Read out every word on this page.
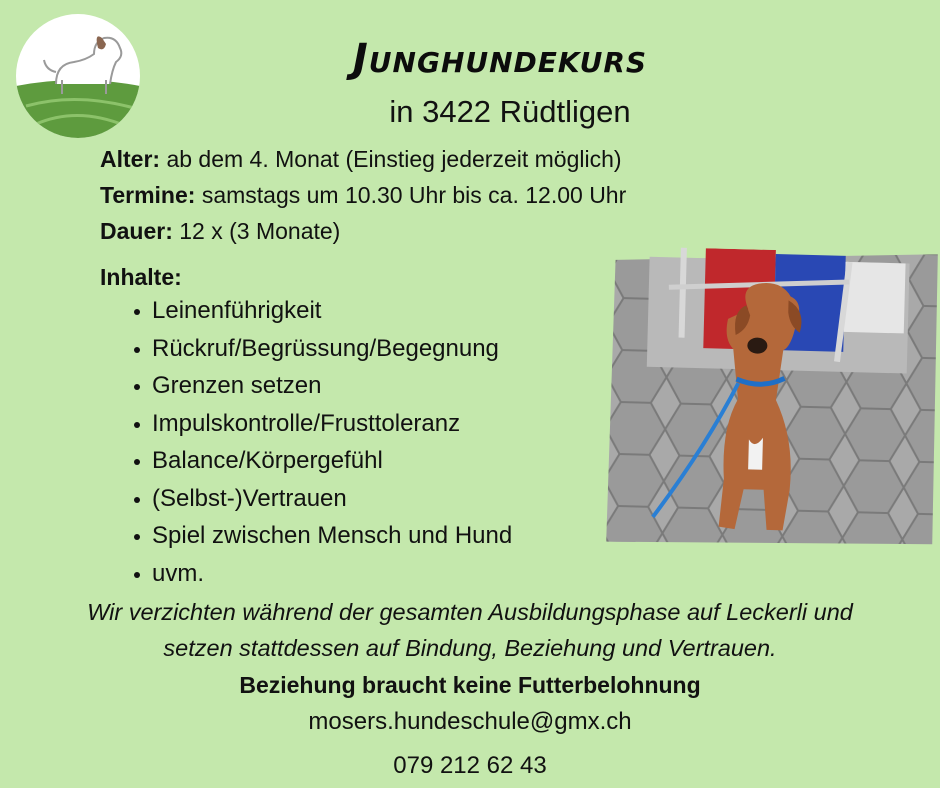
Junghundekurs
in 3422 Rüdtligen
Alter: ab dem 4. Monat (Einstieg jederzeit möglich)
Termine: samstags um 10.30 Uhr bis ca. 12.00 Uhr
Dauer: 12 x (3 Monate)
Inhalte:
Leinenführigkeit
Rückruf/Begrüssung/Begegnung
Grenzen setzen
Impulskontrolle/Frusttoleranz
Balance/Körpergefühl
(Selbst-)Vertrauen
Spiel zwischen Mensch und Hund
uvm.
Wir verzichten während der gesamten Ausbildungsphase auf Leckerli und
setzen stattdessen auf Bindung, Beziehung und Vertrauen.
Beziehung braucht keine Futterbelohnung
mosers.hundeschule@gmx.ch
079 212 62 43
